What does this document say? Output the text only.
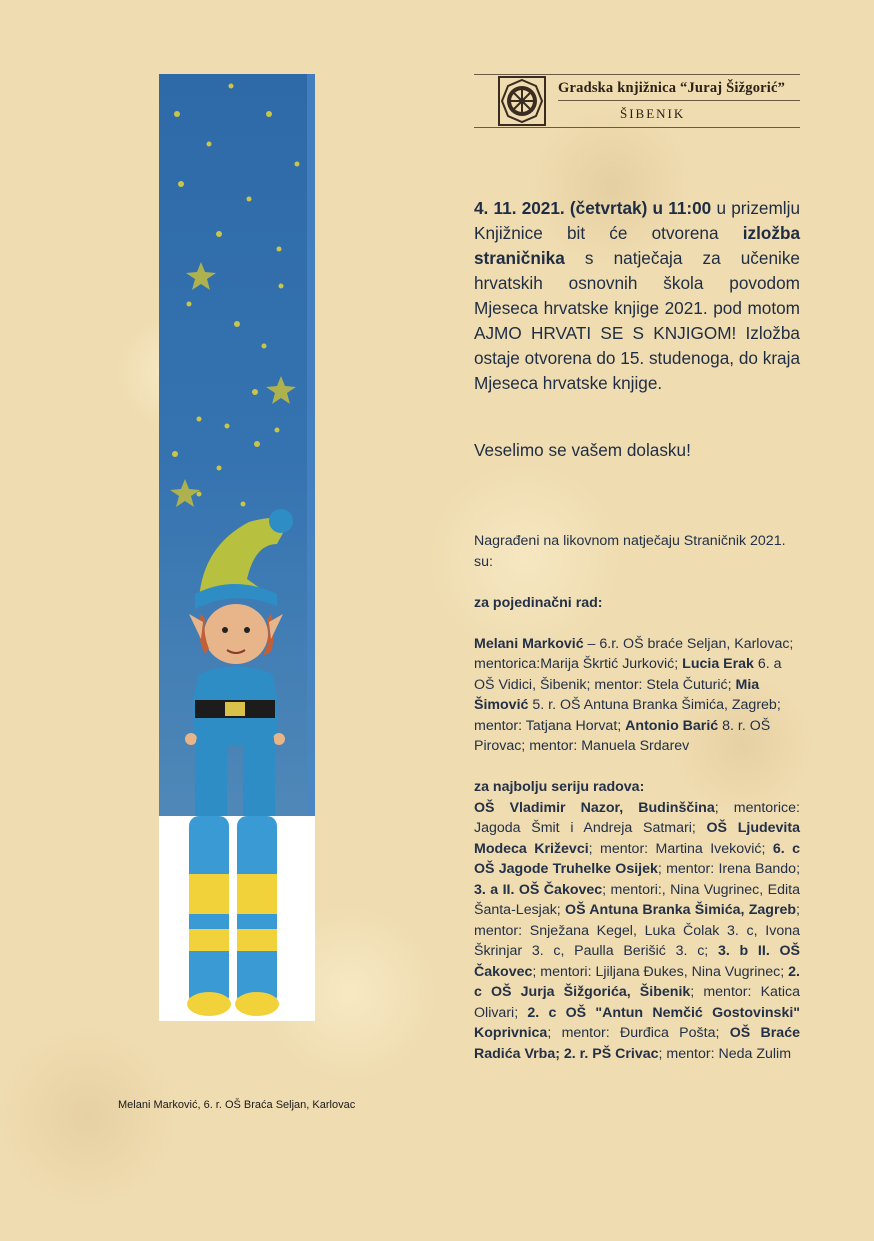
Gradska knjižnica “Juraj Šižgorić”
ŠIBENIK
4. 11. 2021. (četvrtak) u 11:00 u prizemlju Knjižnice bit će otvorena izložba straničnika s natječaja za učenike hrvatskih osnovnih škola povodom Mjeseca hrvatske knjige 2021. pod motom AJMO HRVATI SE S KNJIGOM! Izložba ostaje otvorena do 15. studenoga, do kraja Mjeseca hrvatske knjige.
Veselimo se vašem dolasku!

Nagrađeni na likovnom natječaju Straničnik 2021. su:

za pojedinačni rad:

Melani Marković – 6.r. OŠ braće Seljan, Karlovac; mentorica:Marija Škrtić Jurković; Lucia Erak 6. a OŠ Vidici, Šibenik; mentor: Stela Čuturić; Mia Šimović 5. r. OŠ Antuna Branka Šimića, Zagreb; mentor: Tatjana Horvat; Antonio Barić 8. r. OŠ Pirovac; mentor: Manuela Srdarev

za najbolju seriju radova:

OŠ Vladimir Nazor, Budinščina; mentorice: Jagoda Šmit i Andreja Satmari; OŠ Ljudevita Modeca Križevci; mentor: Martina Iveković; 6. c OŠ Jagode Truhelke Osijek; mentor: Irena Bando; 3. a II. OŠ Čakovec; mentori:, Nina Vugrinec, Edita Šanta-Lesjak; OŠ Antuna Branka Šimića, Zagreb; mentor: Snježana Kegel, Luka Čolak 3. c, Ivona Škrinjar 3. c, Paulla Berišić 3. c; 3. b II. OŠ Čakovec; mentori: Ljiljana Đukes, Nina Vugrinec; 2. c OŠ Jurja Šižgorića, Šibenik; mentor: Katica Olivari; 2. c OŠ "Antun Nemčić Gostovinski" Koprivnica; mentor: Đurđica Pošta; OŠ Braće Radića Vrba; 2. r. PŠ Crivac; mentor: Neda Zulim

Melani Marković, 6. r. OŠ Braća Seljan, Karlovac
